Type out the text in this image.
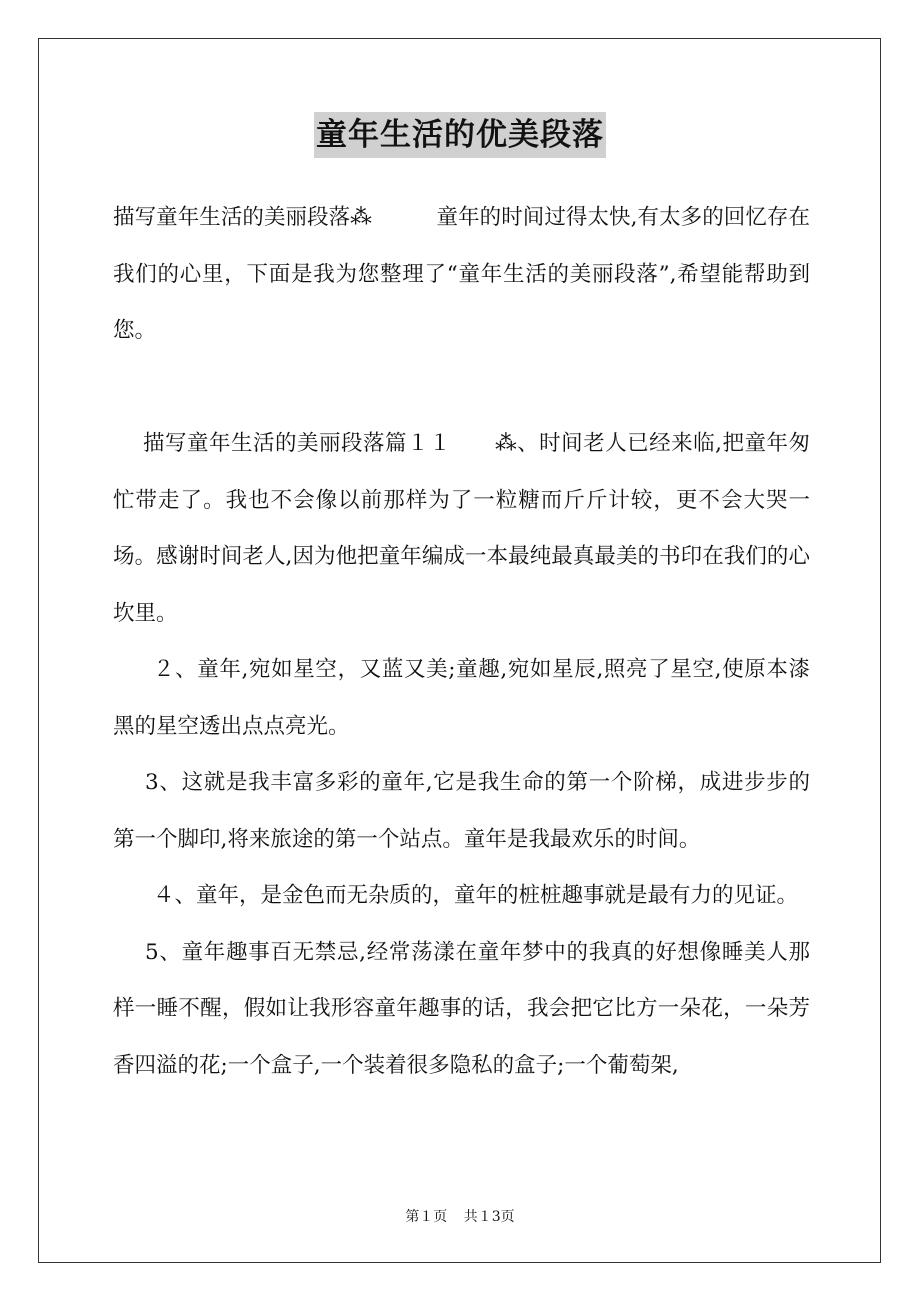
童年生活的优美段落

描写童年生活的美丽段落⁂　　　童年的时间过得太快,有太多的回忆存在我们的心里，下面是我为您整理了“童年生活的美丽段落”,希望能帮助到您。

描写童年生活的美丽段落篇１１　　⁂、时间老人已经来临,把童年匆忙带走了。我也不会像以前那样为了一粒糖而斤斤计较，更不会大哭一场。感谢时间老人,因为他把童年编成一本最纯最真最美的书印在我们的心坎里。

２、童年,宛如星空，又蓝又美;童趣,宛如星辰,照亮了星空,使原本漆黑的星空透出点点亮光。

3、这就是我丰富多彩的童年,它是我生命的第一个阶梯，成进步步的第一个脚印,将来旅途的第一个站点。童年是我最欢乐的时间。

４、童年，是金色而无杂质的，童年的桩桩趣事就是最有力的见证。

5、童年趣事百无禁忌,经常荡漾在童年梦中的我真的好想像睡美人那样一睡不醒，假如让我形容童年趣事的话，我会把它比方一朵花，一朵芳香四溢的花;一个盒子,一个装着很多隐私的盒子;一个葡萄架,

第１页 共１3页
